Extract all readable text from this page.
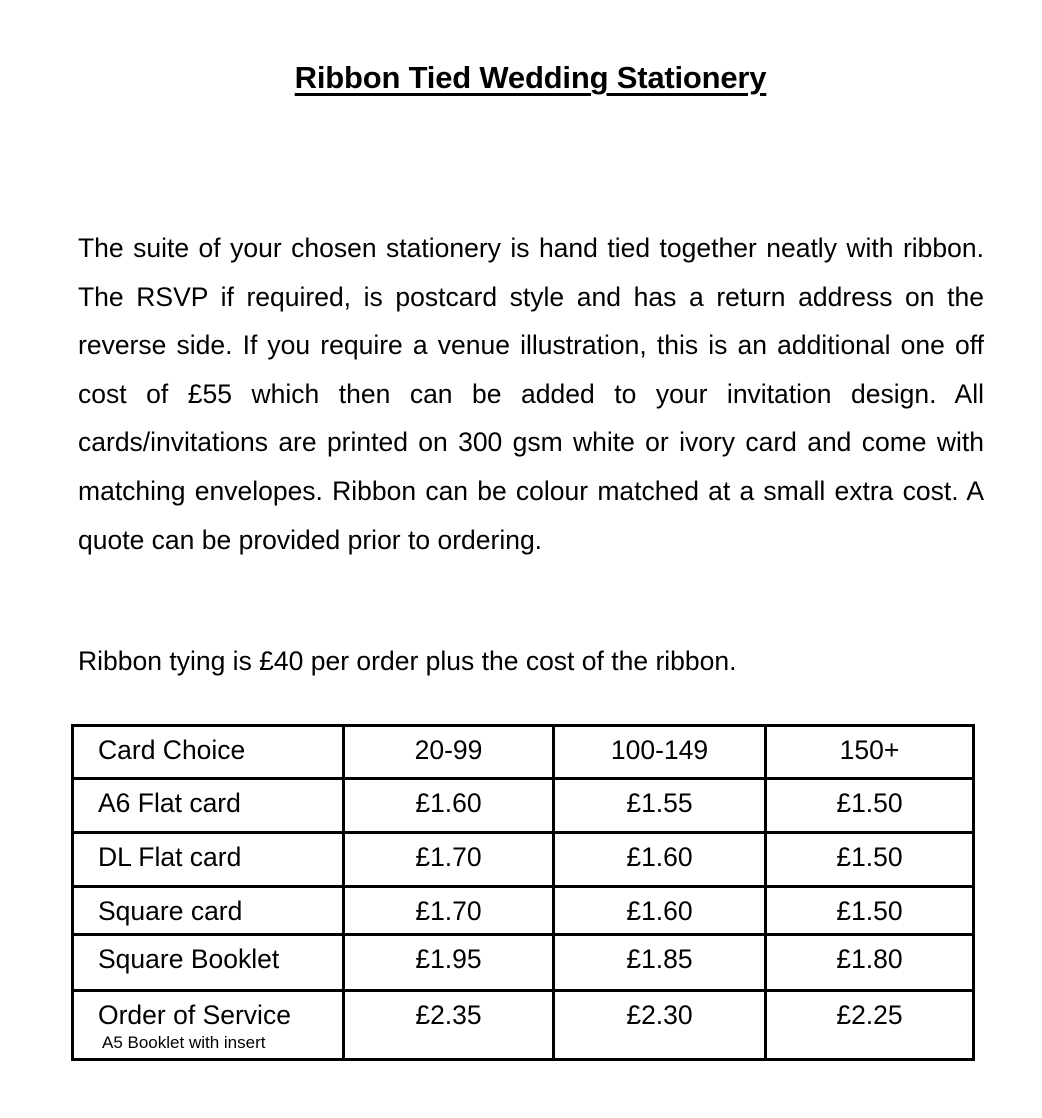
Ribbon Tied Wedding Stationery

The suite of your chosen stationery is hand tied together neatly with ribbon. The RSVP if required, is postcard style and has a return address on the reverse side. If you require a venue illustration, this is an additional one off cost of £55 which then can be added to your invitation design. All cards/invitations are printed on 300 gsm white or ivory card and come with matching envelopes. Ribbon can be colour matched at a small extra cost. A quote can be provided prior to ordering.

Ribbon tying is £40 per order plus the cost of the ribbon.

Card Choice	20-99	100-149	150+

A6 Flat card	£1.60	£1.55	£1.50

DL Flat card	£1.70	£1.60	£1.50

Square card	£1.70	£1.60	£1.50

Square Booklet	£1.95	£1.85	£1.80

Order of Service
A5 Booklet with insert	£2.35	£2.30	£2.25
